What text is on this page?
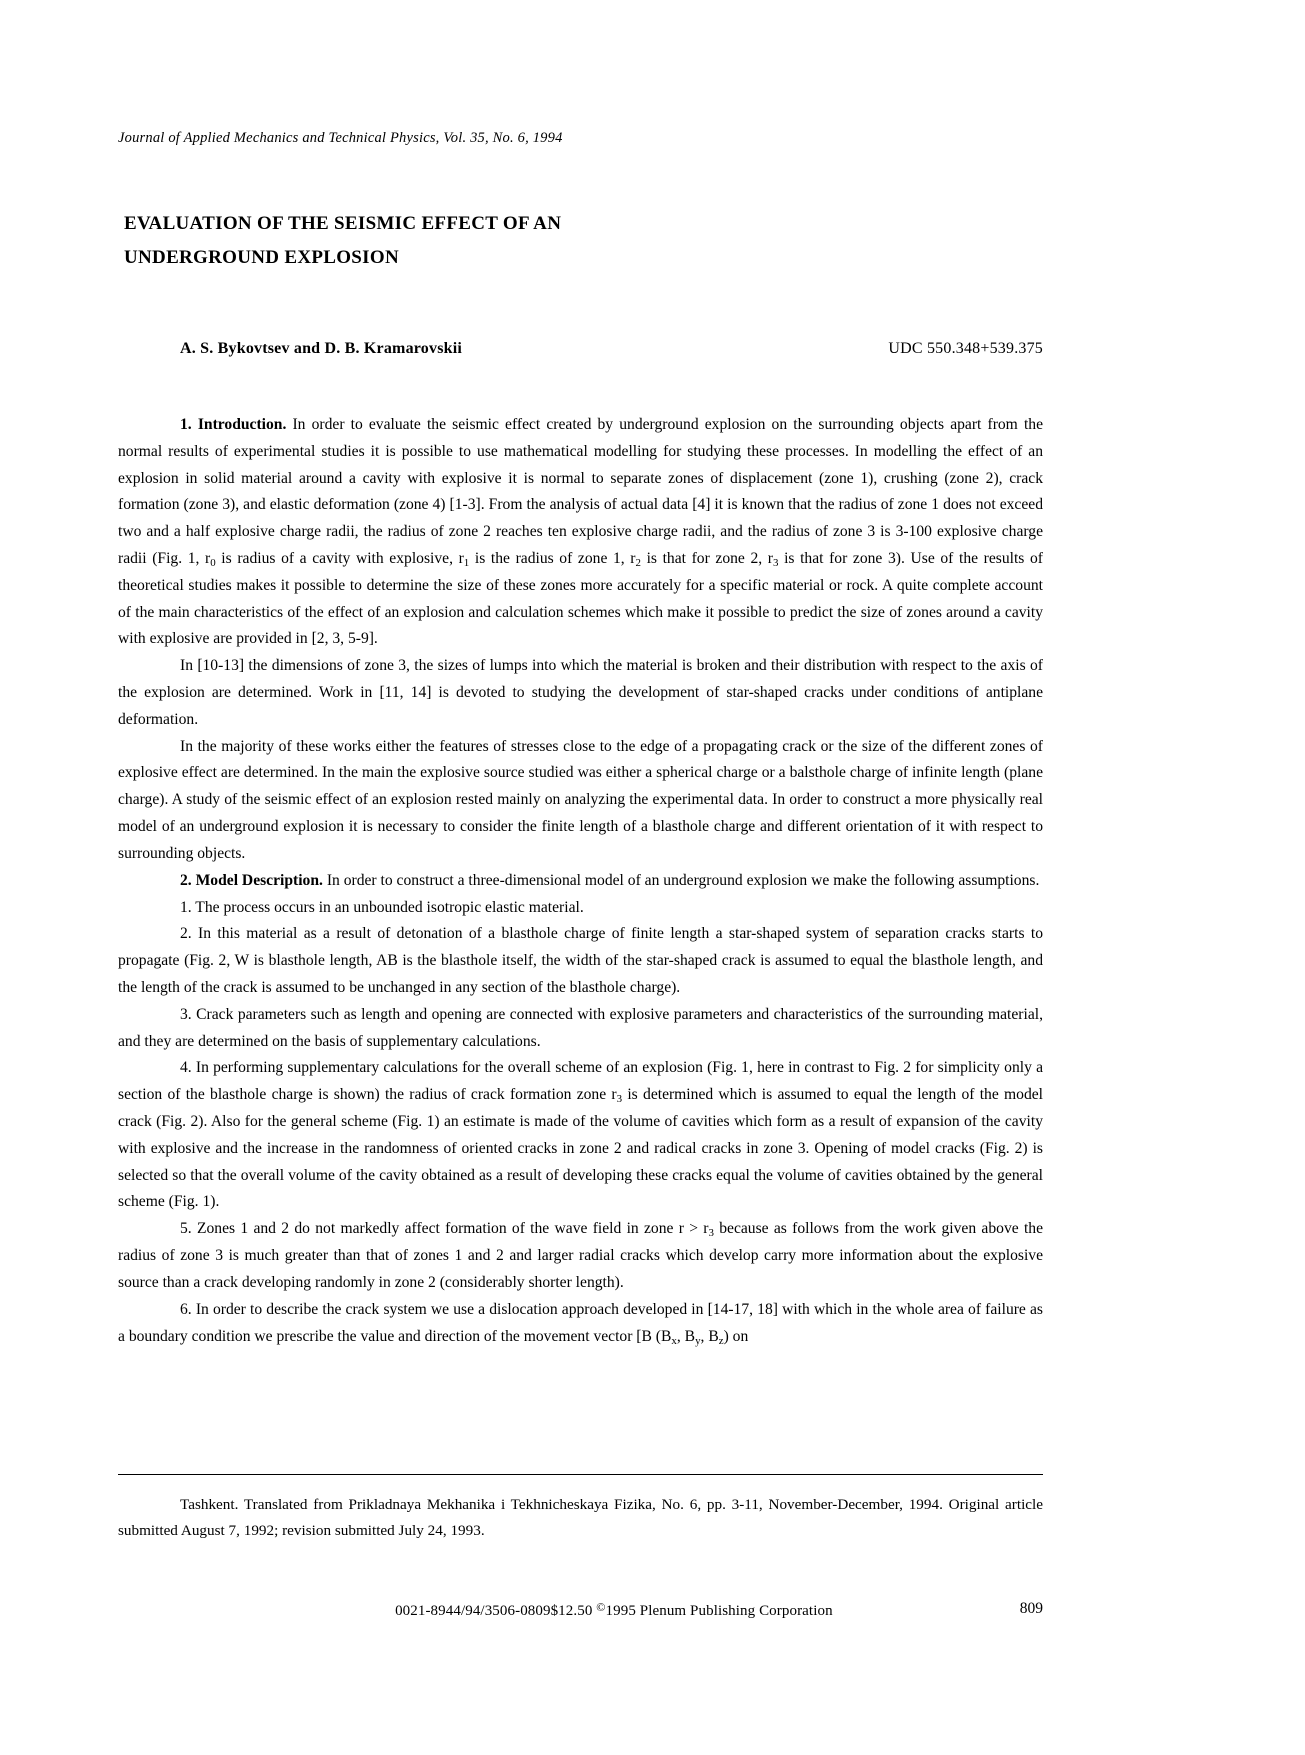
Journal of Applied Mechanics and Technical Physics, Vol. 35, No. 6, 1994
EVALUATION OF THE SEISMIC EFFECT OF AN
UNDERGROUND EXPLOSION
A. S. Bykovtsev and D. B. Kramarovskii	UDC 550.348+539.375

1. Introduction. In order to evaluate the seismic effect created by underground explosion on the surrounding objects apart from the normal results of experimental studies it is possible to use mathematical modelling for studying these processes. In modelling the effect of an explosion in solid material around a cavity with explosive it is normal to separate zones of displacement (zone 1), crushing (zone 2), crack formation (zone 3), and elastic deformation (zone 4) [1-3]. From the analysis of actual data [4] it is known that the radius of zone 1 does not exceed two and a half explosive charge radii, the radius of zone 2 reaches ten explosive charge radii, and the radius of zone 3 is 3-100 explosive charge radii (Fig. 1, $r_0$ is radius of a cavity with explosive, $r_1$ is the radius of zone 1, $r_2$ is that for zone 2, $r_3$ is that for zone 3). Use of the results of theoretical studies makes it possible to determine the size of these zones more accurately for a specific material or rock. A quite complete account of the main characteristics of the effect of an explosion and calculation schemes which make it possible to predict the size of zones around a cavity with explosive are provided in [2, 3, 5-9].

In [10-13] the dimensions of zone 3, the sizes of lumps into which the material is broken and their distribution with respect to the axis of the explosion are determined. Work in [11, 14] is devoted to studying the development of star-shaped cracks under conditions of antiplane deformation.

In the majority of these works either the features of stresses close to the edge of a propagating crack or the size of the different zones of explosive effect are determined. In the main the explosive source studied was either a spherical charge or a balsthole charge of infinite length (plane charge). A study of the seismic effect of an explosion rested mainly on analyzing the experimental data. In order to construct a more physically real model of an underground explosion it is necessary to consider the finite length of a blasthole charge and different orientation of it with respect to surrounding objects.

2. Model Description. In order to construct a three-dimensional model of an underground explosion we make the following assumptions.

1. The process occurs in an unbounded isotropic elastic material.

2. In this material as a result of detonation of a blasthole charge of finite length a star-shaped system of separation cracks starts to propagate (Fig. 2, W is blasthole length, AB is the blasthole itself, the width of the star-shaped crack is assumed to equal the blasthole length, and the length of the crack is assumed to be unchanged in any section of the blasthole charge).

3. Crack parameters such as length and opening are connected with explosive parameters and characteristics of the surrounding material, and they are determined on the basis of supplementary calculations.

4. In performing supplementary calculations for the overall scheme of an explosion (Fig. 1, here in contrast to Fig. 2 for simplicity only a section of the blasthole charge is shown) the radius of crack formation zone $r_3$ is determined which is assumed to equal the length of the model crack (Fig. 2). Also for the general scheme (Fig. 1) an estimate is made of the volume of cavities which form as a result of expansion of the cavity with explosive and the increase in the randomness of oriented cracks in zone 2 and radical cracks in zone 3. Opening of model cracks (Fig. 2) is selected so that the overall volume of the cavity obtained as a result of developing these cracks equal the volume of cavities obtained by the general scheme (Fig. 1).

5. Zones 1 and 2 do not markedly affect formation of the wave field in zone $r > r_3$ because as follows from the work given above the radius of zone 3 is much greater than that of zones 1 and 2 and larger radial cracks which develop carry more information about the explosive source than a crack developing randomly in zone 2 (considerably shorter length).

6. In order to describe the crack system we use a dislocation approach developed in [14-17, 18] with which in the whole area of failure as a boundary condition we prescribe the value and direction of the movement vector [B ($B_x$, $B_y$, $B_z$) on

Tashkent. Translated from Prikladnaya Mekhanika i Tekhnicheskaya Fizika, No. 6, pp. 3-11, November-December, 1994. Original article submitted August 7, 1992; revision submitted July 24, 1993.

0021-8944/94/3506-0809$12.50 ©1995 Plenum Publishing Corporation	809
